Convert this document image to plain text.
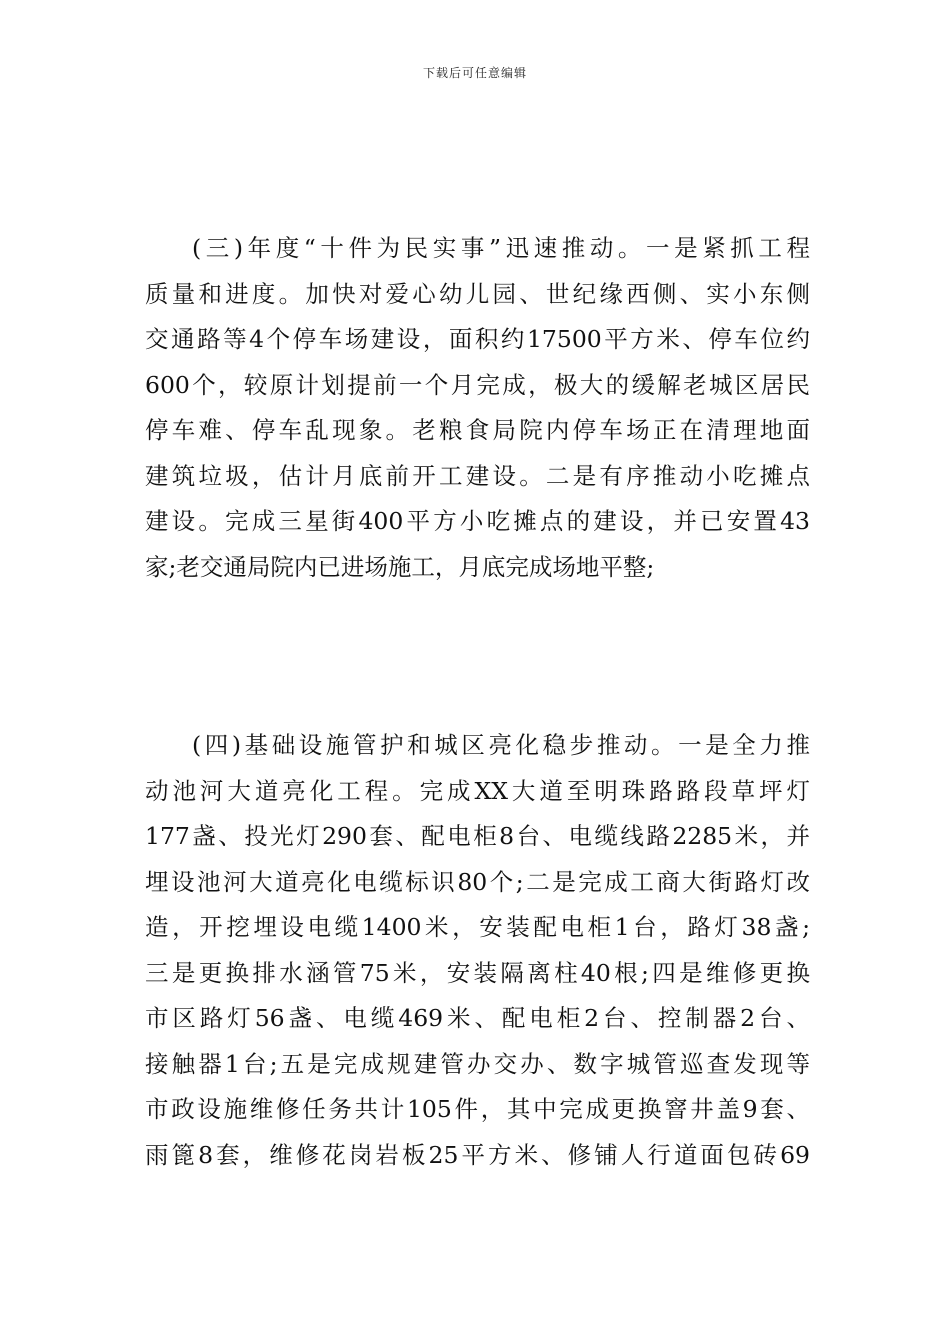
下载后可任意编辑
(三)年度“十件为民实事”迅速推动。一是紧抓工程
质量和进度。加快对爱心幼儿园、世纪缘西侧、实小东侧
交通路等4个停车场建设，面积约17500平方米、停车位约
600个，较原计划提前一个月完成，极大的缓解老城区居民
停车难、停车乱现象。老粮食局院内停车场正在清理地面
建筑垃圾，估计月底前开工建设。二是有序推动小吃摊点
建设。完成三星街400平方小吃摊点的建设，并已安置43
家;老交通局院内已进场施工，月底完成场地平整;
(四)基础设施管护和城区亮化稳步推动。一是全力推
动池河大道亮化工程。完成XX大道至明珠路路段草坪灯
177盏、投光灯290套、配电柜8台、电缆线路2285米，并
埋设池河大道亮化电缆标识80个;二是完成工商大街路灯改
造，开挖埋设电缆1400米，安装配电柜1台，路灯38盏;
三是更换排水涵管75米，安装隔离柱40根;四是维修更换
市区路灯56盏、电缆469米、配电柜2台、控制器2台、
接触器1台;五是完成规建管办交办、数字城管巡查发现等
市政设施维修任务共计105件，其中完成更换窨井盖9套、
雨篦8套，维修花岗岩板25平方米、修铺人行道面包砖69
